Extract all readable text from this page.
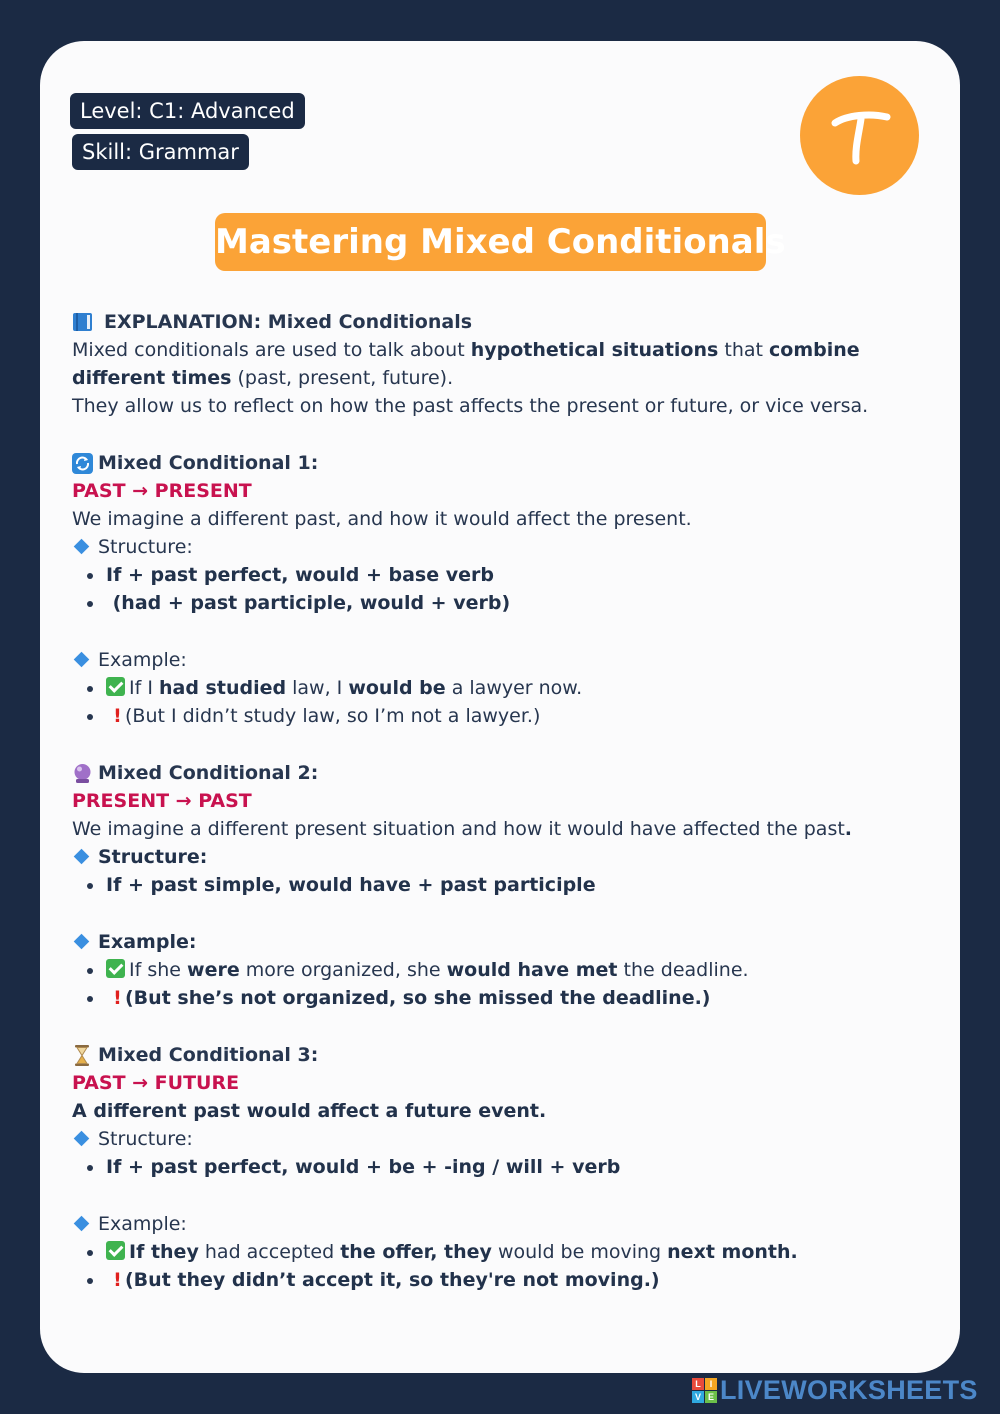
Level: C1: Advanced
Skill: Grammar
Mastering Mixed Conditionals

EXPLANATION: Mixed Conditionals

Mixed conditionals are used to talk about hypothetical situations that combine

different times (past, present, future).

They allow us to reflect on how the past affects the present or future, or vice versa.

Mixed Conditional 1:

PAST → PRESENT

We imagine a different past, and how it would affect the present.

Structure:

If + past perfect, would + base verb
(had + past participle, would + verb)

Example:

If I had studied law, I would be a lawyer now.
! (But I didn’t study law, so I’m not a lawyer.)

Mixed Conditional 2:

PRESENT → PAST

We imagine a different present situation and how it would have affected the past.

Structure:

If + past simple, would have + past participle

Example:

If she were more organized, she would have met the deadline.
! (But she’s not organized, so she missed the deadline.)

Mixed Conditional 3:

PAST → FUTURE

A different past would affect a future event.

Structure:

If + past perfect, would + be + -ing / will + verb

Example:

If they had accepted the offer, they would be moving next month.
! (But they didn’t accept it, so they're not moving.)
L I
V E LIVEWORKSHEETS
